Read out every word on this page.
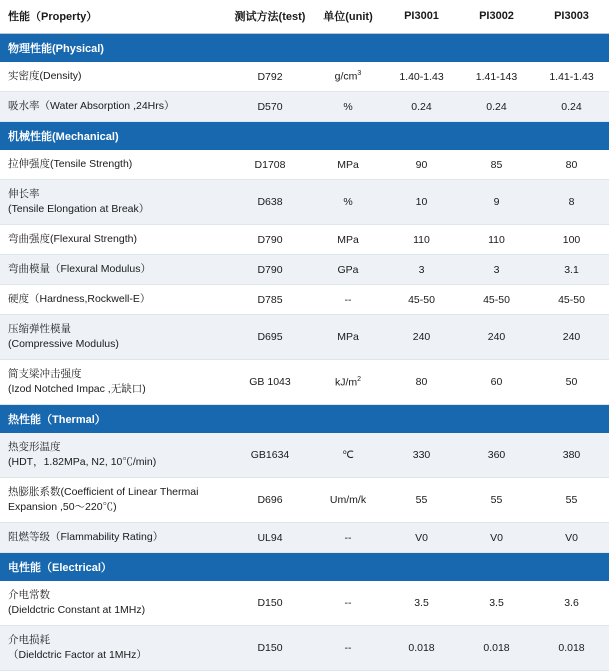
性能（Property）	测试方法(test)	单位(unit)	PI3001	PI3002	PI3003
物理性能(Physical)					
实密度(Density)	D792	$g/cm^3$	1.40-1.43	1.41-143	1.41-1.43
吸水率（Water Absorption ,24Hrs）	D570	%	0.24	0.24	0.24
机械性能(Mechanical)					
拉伸强度(Tensile Strength)	D1708	MPa	90	85	80

伸长率
(Tensile Elongation at Break）	D638	%	10	9	8
弯曲强度(Flexural Strength)	D790	MPa	110	110	100
弯曲模量（Flexural Modulus）	D790	GPa	3	3	3.1
硬度（Hardness,Rockwell-E）	D785	--	45-50	45-50	45-50

压缩弹性模量
(Compressive Modulus)	D695	MPa	240	240	240

简支梁冲击强度
(Izod Notched Impac ,无缺口)	GB 1043	$kJ/m^2$	80	60	50
热性能（Thermal）					

热变形温度
(HDT，1.82MPa, N2, 10℃/min)	GB1634	℃	330	360	380

热膨胀系数(Coefficient of Linear Thermai
Expansion ,50～220℃)	D696	Um/m/k	55	55	55
阻燃等级（Flammability Rating）	UL94	--	V0	V0	V0
电性能（Electrical）					

介电常数
(Dieldctric Constant at 1MHz)	D150	--	3.5	3.5	3.6

介电损耗
（Dieldctric Factor at 1MHz）	D150	--	0.018	0.018	0.018
